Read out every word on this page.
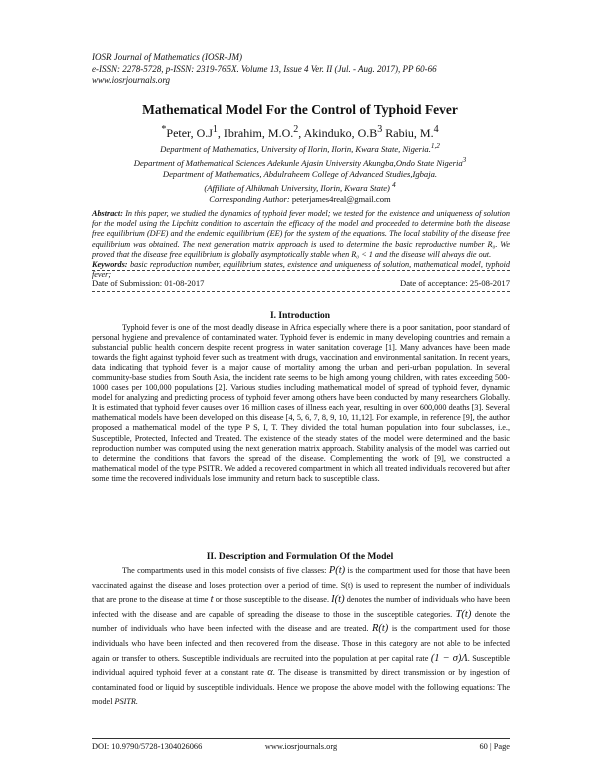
IOSR Journal of Mathematics (IOSR-JM)
e-ISSN: 2278-5728, p-ISSN: 2319-765X. Volume 13, Issue 4 Ver. II (Jul. - Aug. 2017), PP 60-66
www.iosrjournals.org
Mathematical Model For the Control of Typhoid Fever
*Peter, $O.J^1$, Ibrahim, M.O.$^2$, Akinduko, $O.B^3$ Rabiu, M.$^4$
Department of Mathematics, University of Ilorin, Ilorin, Kwara State, Nigeria.$^{1,2}$
Department of Mathematical Sciences Adekunle Ajasin University Akungba,Ondo State Nigeria$^3$
Department of Mathematics, Abdulraheem College of Advanced Studies,Igbaja.
(Affiliate of Alhikmah University, Ilorin, Kwara State) $^4$
Corresponding Author: peterjames4real@gmail.com
Abstract: In this paper, we studied the dynamics of typhoid fever model; we tested for the existence and uniqueness of solution for the model using the Lipchitz condition to ascertain the efficacy of the model and proceeded to determine both the disease free equilibrium (DFE) and the endemic equilibrium (EE) for the system of the equations. The local stability of the disease free equilibrium was obtained. The next generation matrix approach is used to determine the basic reproductive number R₀. We proved that the disease free equilibrium is globally asymptotically stable when R₀ < 1 and the disease will always die out.
Keywords: basic reproduction number, equilibrium states, existence and uniqueness of solution, mathematical model, typhoid fever;
Date of Submission: 01-08-2017	Date of acceptance: 25-08-2017
I. Introduction

Typhoid fever is one of the most deadly disease in Africa especially where there is a poor sanitation, poor standard of personal hygiene and prevalence of contaminated water. Typhoid fever is endemic in many developing countries and remain a substancial public health concern despite recent progress in water sanitation coverage [1]. Many advances have been made towards the fight against typhoid fever such as treatment with drugs, vaccination and environmental sanitation. In recent years, data indicating that typhoid fever is a major cause of mortality among the urban and peri-urban population. In several community-base studies from South Asia, the incident rate seems to be high among young children, with rates exceeding 500-1000 cases per 100,000 populations [2]. Various studies including mathematical model of spread of typhoid fever, dynamic model for analyzing and predicting process of typhoid fever among others have been conducted by many researchers Globally. It is estimated that typhoid fever causes over 16 million cases of illness each year, resulting in over 600,000 deaths [3]. Several mathematical models have been developed on this disease [4, 5, 6, 7, 8, 9, 10, 11,12]. For example, in reference [9], the author proposed a mathematical model of the type P S, I, T. They divided the total human population into four subclasses, i.e., Susceptible, Protected, Infected and Treated. The existence of the steady states of the model were determined and the basic reproduction number was computed using the next generation matrix approach. Stability analysis of the model was carried out to determine the conditions that favors the spread of the disease. Complementing the work of [9], we constructed a mathematical model of the type PSITR. We added a recovered compartment in which all treated individuals recovered but after some time the recovered individuals lose immunity and return back to susceptible class.

II. Description and Formulation Of the Model

The compartments used in this model consists of five classes: P(t) is the compartment used for those that have been vaccinated against the disease and loses protection over a period of time. S(t) is used to represent the number of individuals that are prone to the disease at time t or those susceptible to the disease. I(t) denotes the number of individuals who have been infected with the disease and are capable of spreading the disease to those in the susceptible categories. T(t) denote the number of individuals who have been infected with the disease and are treated. R(t) is the compartment used for those individuals who have been infected and then recovered from the disease. Those in this category are not able to be infected again or transfer to others. Susceptible individuals are recruited into the population at per capital rate (1 − σ)Λ. Susceptible individual aquired typhoid fever at a constant rate α. The disease is transmitted by direct transmission or by ingestion of contaminated food or liquid by susceptible individuals. Hence we propose the above model with the following equations: The model PSITR.

DOI: 10.9790/5728-1304026066	www.iosrjournals.org	60 | Page
